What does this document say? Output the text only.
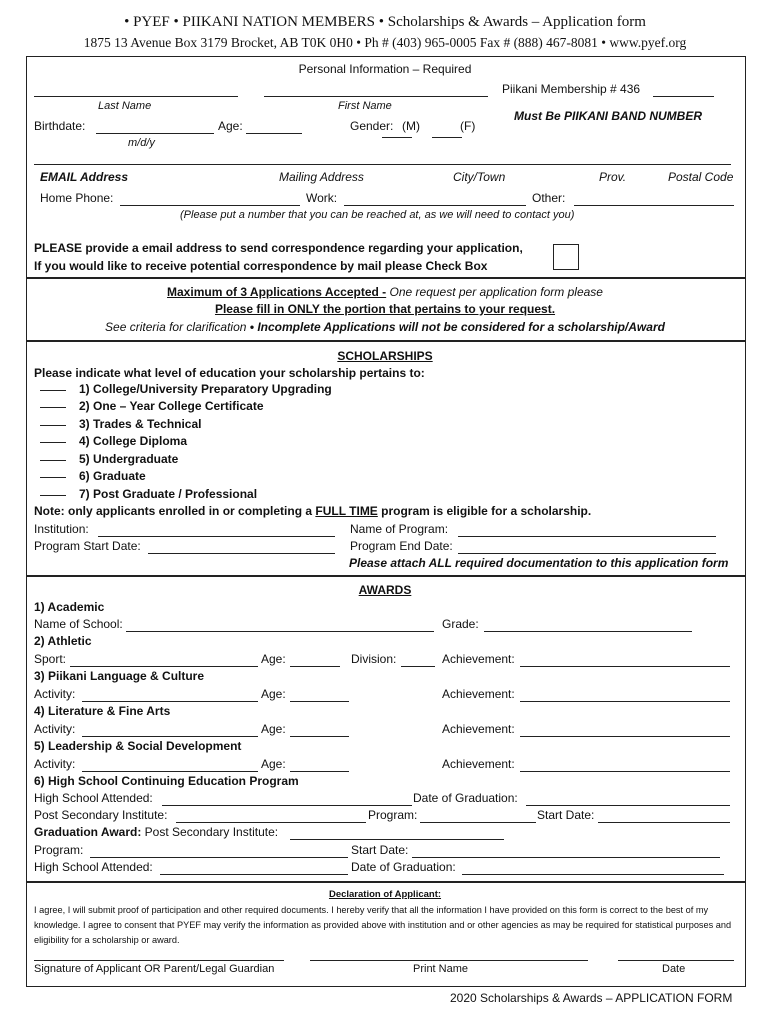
• PYEF • PIIKANI NATION MEMBERS • Scholarships & Awards – Application form
1875 13 Avenue Box 3179 Brocket, AB T0K 0H0 • Ph # (403) 965-0005 Fax # (888) 467-8081 • www.pyef.org
Personal Information – Required
Piikani Membership # 436
Last Name	First Name
Must Be PIIKANI BAND NUMBER
Birthdate:	Age:	Gender: (M)	(F)
m/d/y
EMAIL Address	Mailing Address	City/Town	Prov.	Postal Code
Home Phone:	Work:	Other:
(Please put a number that you can be reached at, as we will need to contact you)
PLEASE provide a email address to send correspondence regarding your application,
If you would like to receive potential correspondence by mail please Check Box
Maximum of 3 Applications Accepted - One request per application form please
Please fill in ONLY the portion that pertains to your request.
See criteria for clarification • Incomplete Applications will not be considered for a scholarship/Award
SCHOLARSHIPS
Please indicate what level of education your scholarship pertains to:
1) College/University Preparatory Upgrading
2) One – Year College Certificate
3) Trades & Technical
4) College Diploma
5) Undergraduate
6) Graduate
7) Post Graduate / Professional
Note: only applicants enrolled in or completing a FULL TIME program is eligible for a scholarship.
Institution:	Name of Program:
Program Start Date:	Program End Date:
Please attach ALL required documentation to this application form
AWARDS
1) Academic
Name of School:	Grade:
2) Athletic
Sport:	Age:	Division:	Achievement:
3) Piikani Language & Culture
Activity:	Age:	Achievement:
4) Literature & Fine Arts
Activity:	Age:	Achievement:
5) Leadership & Social Development
Activity:	Age:	Achievement:
6) High School Continuing Education Program
High School Attended:	Date of Graduation:
Post Secondary Institute:	Program:	Start Date:
Graduation Award: Post Secondary Institute:
Program:	Start Date:
High School Attended:	Date of Graduation:
Declaration of Applicant:
I agree, I will submit proof of participation and other required documents. I hereby verify that all the information I have provided on this form is correct to the best of my knowledge. I agree to consent that PYEF may verify the information as provided above with institution and or other agencies as may be required for statistical purposes and eligibility for a scholarship or award.
Signature of Applicant OR Parent/Legal Guardian	Print Name	Date
2020 Scholarships & Awards – APPLICATION FORM
